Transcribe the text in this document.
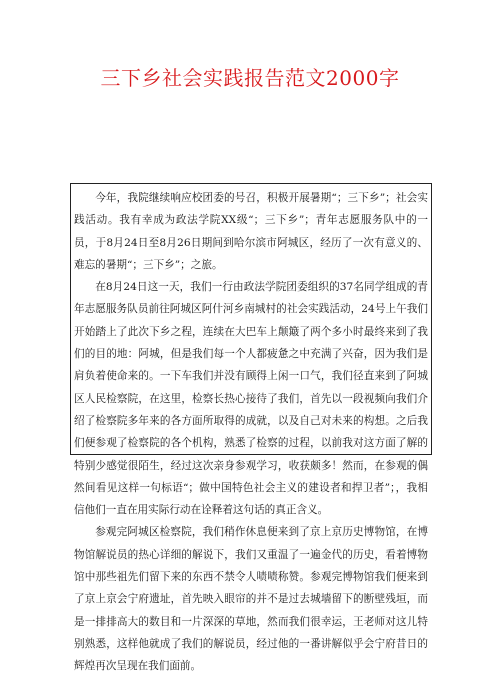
三下乡社会实践报告范文2000字

今年，我院继续响应校团委的号召，积极开展暑期“；三下乡”；社会实践活动。我有幸成为政法学院XX级“；三下乡”；青年志愿服务队中的一员，于8月24日至8月26日期间到哈尔滨市阿城区，经历了一次有意义的、难忘的暑期“；三下乡”；之旅。

在8月24日这一天，我们一行由政法学院团委组织的37名同学组成的青年志愿服务队员前往阿城区阿什河乡南城村的社会实践活动，24号上午我们开始踏上了此次下乡之程，连续在大巴车上颠簸了两个多小时最终来到了我们的目的地：阿城，但是我们每一个人都疲惫之中充满了兴奋，因为我们是肩负着使命来的。一下车我们并没有顾得上闲一口气，我们径直来到了阿城区人民检察院，在这里，检察长热心接待了我们，首先以一段视频向我们介绍了检察院多年来的各方面所取得的成就，以及自己对未来的构想。之后我们便参观了检察院的各个机构，熟悉了检察的过程，以前我对这方面了解的特别少感觉很陌生，经过这次亲身参观学习，收获颇多！然而，在参观的偶然间看见这样一句标语“；做中国特色社会主义的建设者和捍卫者”；，我相信他们一直在用实际行动在诠释着这句话的真正含义。

参观完阿城区检察院，我们稍作休息便来到了京上京历史博物馆，在博物馆解说员的热心详细的解说下，我们又重温了一遍金代的历史，看着博物馆中那些祖先们留下来的东西不禁令人啧啧称赞。参观完博物馆我们便来到了京上京会宁府遗址，首先映入眼帘的并不是过去城墙留下的断壁残垣，而是一排排高大的数目和一片深深的草地，然而我们很幸运，王老师对这儿特别熟悉，这样他就成了我们的解说员，经过他的一番讲解似乎会宁府昔日的辉煌再次呈现在我们面前。
